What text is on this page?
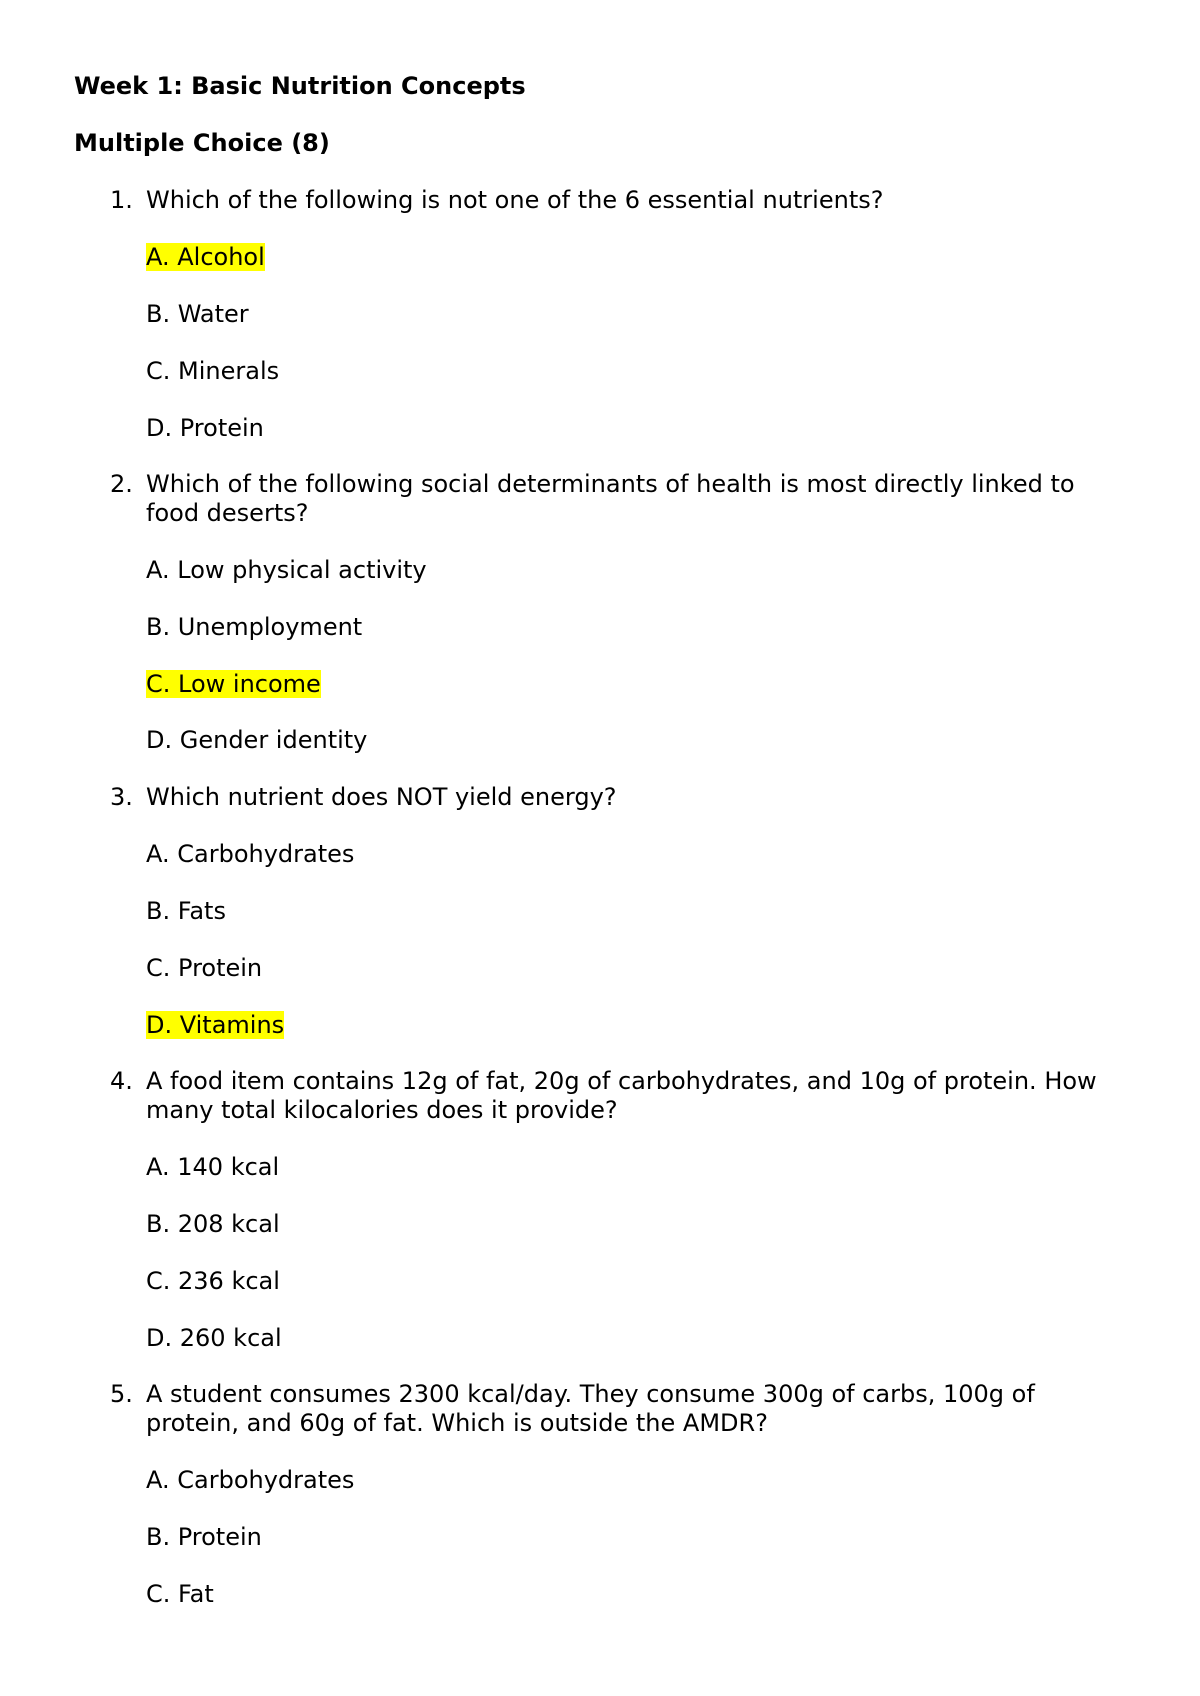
Week 1: Basic Nutrition Concepts
Multiple Choice (8)
1. Which of the following is not one of the 6 essential nutrients?
A. Alcohol
B. Water
C. Minerals
D. Protein
2. Which of the following social determinants of health is most directly linked to food deserts?
A. Low physical activity
B. Unemployment
C. Low income
D. Gender identity
3. Which nutrient does NOT yield energy?
A. Carbohydrates
B. Fats
C. Protein
D. Vitamins
4. A food item contains 12g of fat, 20g of carbohydrates, and 10g of protein. How many total kilocalories does it provide?
A. 140 kcal
B. 208 kcal
C. 236 kcal
D. 260 kcal
5. A student consumes 2300 kcal/day. They consume 300g of carbs, 100g of protein, and 60g of fat. Which is outside the AMDR?
A. Carbohydrates
B. Protein
C. Fat
